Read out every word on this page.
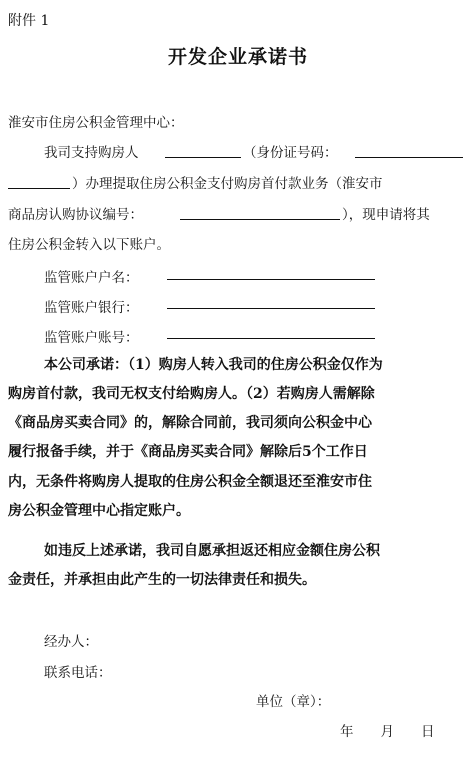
附件 1
开发企业承诺书
淮安市住房公积金管理中心：
我司支持购房人	（身份证号码：
）办理提取住房公积金支付购房首付款业务（淮安市
商品房认购协议编号：	），现申请将其
住房公积金转入以下账户。
监管账户户名：
监管账户银行：
监管账户账号：
本公司承诺：（1）购房人转入我司的住房公积金仅作为
购房首付款，我司无权支付给购房人。（2）若购房人需解除
《商品房买卖合同》的，解除合同前，我司须向公积金中心
履行报备手续，并于《商品房买卖合同》解除后5个工作日
内，无条件将购房人提取的住房公积金全额退还至淮安市住
房公积金管理中心指定账户。
如违反上述承诺，我司自愿承担返还相应金额住房公积
金责任，并承担由此产生的一切法律责任和损失。
经办人：
联系电话：
单位（章）：
年　　月　　日
